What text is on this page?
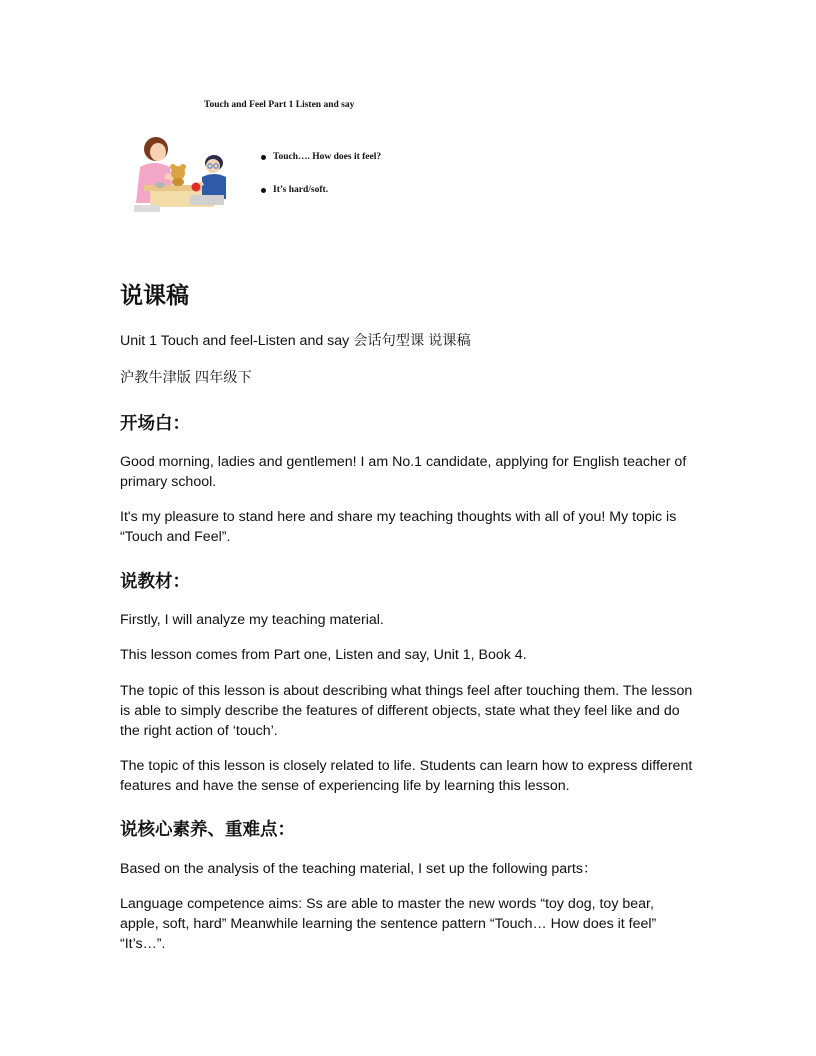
Touch and Feel Part 1 Listen and say
Touch…. How does it feel?
It’s hard/soft.
说课稿
Unit 1 Touch and feel-Listen and say 会话句型课 说课稿
沪教牛津版 四年级下
开场白：
Good morning, ladies and gentlemen! I am No.1 candidate, applying for English teacher of primary school.
It's my pleasure to stand here and share my teaching thoughts with all of you! My topic is “Touch and Feel”.
说教材：
Firstly, I will analyze my teaching material.
This lesson comes from Part one, Listen and say, Unit 1, Book 4.
The topic of this lesson is about describing what things feel after touching them. The lesson is able to simply describe the features of different objects, state what they feel like and do the right action of ‘touch’.
The topic of this lesson is closely related to life. Students can learn how to express different features and have the sense of experiencing life by learning this lesson.
说核心素养、重难点：
Based on the analysis of the teaching material, I set up the following parts：
Language competence aims: Ss are able to master the new words “toy dog, toy bear, apple, soft, hard” Meanwhile learning the sentence pattern “Touch… How does it feel” “It’s…”.
